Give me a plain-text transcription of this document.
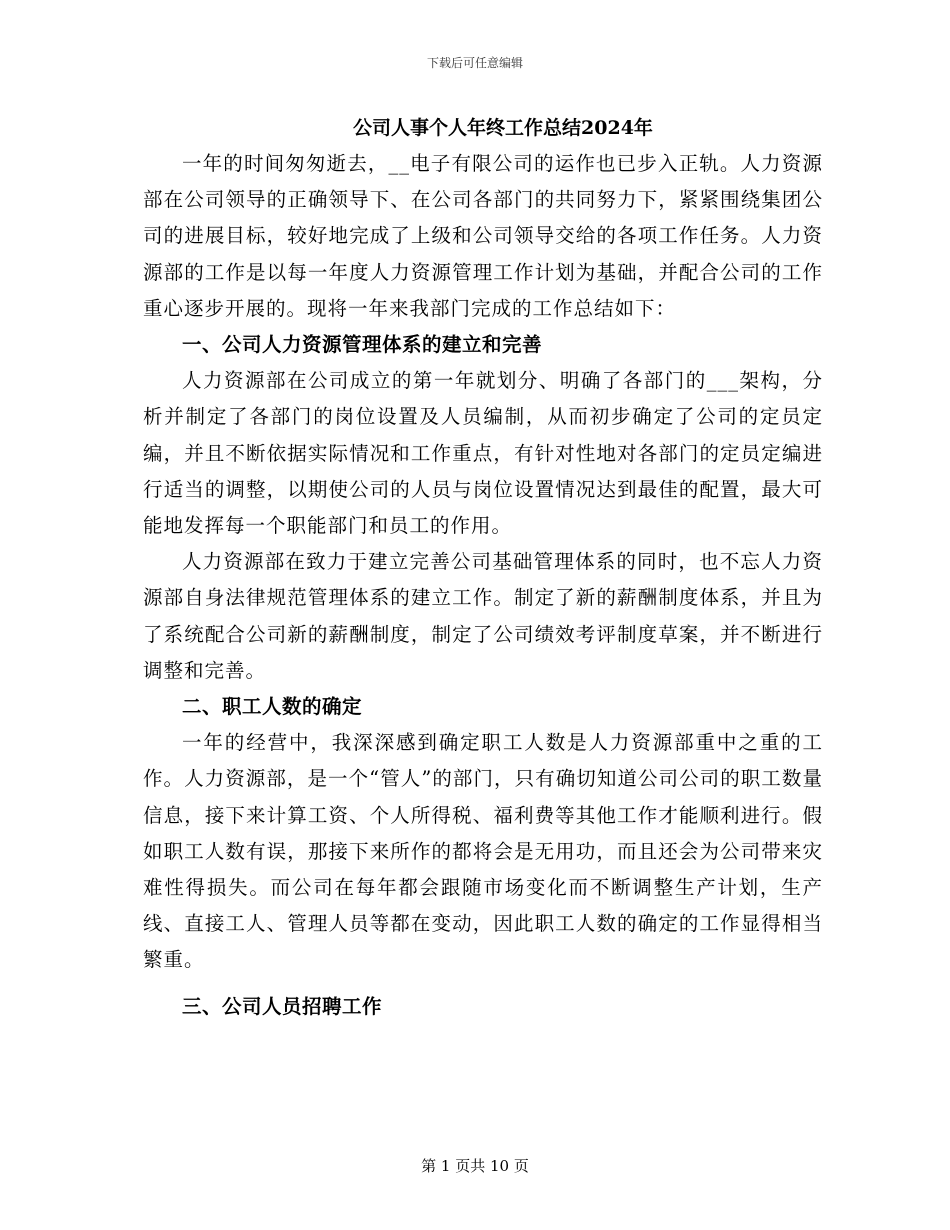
下载后可任意编辑
公司人事个人年终工作总结2024年

一年的时间匆匆逝去，__电子有限公司的运作也已步入正轨。人力资源部在公司领导的正确领导下、在公司各部门的共同努力下，紧紧围绕集团公司的进展目标，较好地完成了上级和公司领导交给的各项工作任务。人力资源部的工作是以每一年度人力资源管理工作计划为基础，并配合公司的工作重心逐步开展的。现将一年来我部门完成的工作总结如下：

一、公司人力资源管理体系的建立和完善

人力资源部在公司成立的第一年就划分、明确了各部门的___架构，分析并制定了各部门的岗位设置及人员编制，从而初步确定了公司的定员定编，并且不断依据实际情况和工作重点，有针对性地对各部门的定员定编进行适当的调整，以期使公司的人员与岗位设置情况达到最佳的配置，最大可能地发挥每一个职能部门和员工的作用。

人力资源部在致力于建立完善公司基础管理体系的同时，也不忘人力资源部自身法律规范管理体系的建立工作。制定了新的薪酬制度体系，并且为了系统配合公司新的薪酬制度，制定了公司绩效考评制度草案，并不断进行调整和完善。

二、职工人数的确定

一年的经营中，我深深感到确定职工人数是人力资源部重中之重的工作。人力资源部，是一个“管人”的部门，只有确切知道公司公司的职工数量信息，接下来计算工资、个人所得税、福利费等其他工作才能顺利进行。假如职工人数有误，那接下来所作的都将会是无用功，而且还会为公司带来灾难性得损失。而公司在每年都会跟随市场变化而不断调整生产计划，生产线、直接工人、管理人员等都在变动，因此职工人数的确定的工作显得相当繁重。

三、公司人员招聘工作
第 1 页共 10 页
